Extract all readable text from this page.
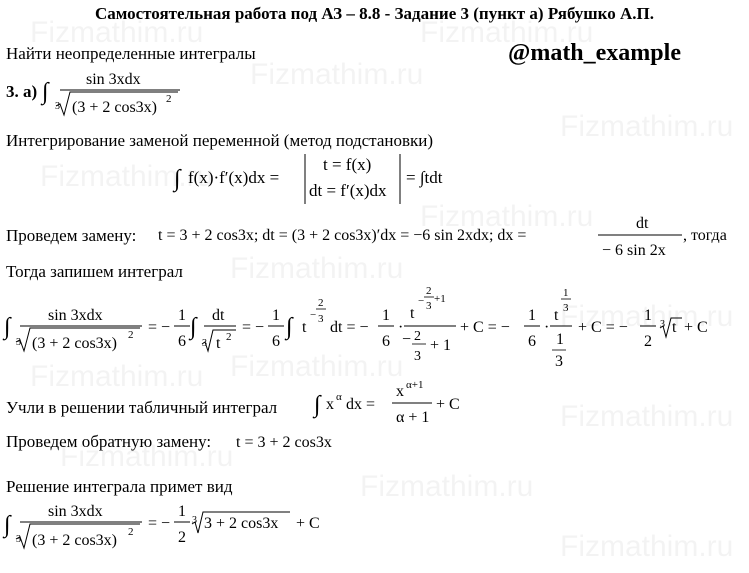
Самостоятельная работа под АЗ – 8.8 - Задание 3 (пункт а) Рябушко А.П.
Найти неопределенные интегралы	@math_example
3. а) ∫ sin 3xdx
3 (3 + 2 cos3x) 2
Интегрирование заменой переменной (метод подстановки)
∫ f(x)·f′(x)dx =
t = f(x)
dt = f′(x)dx
= ∫tdt
Проведем замену: t = 3 + 2 cos3x; dt = (3 + 2 cos3x)′dx = −6 sin 2xdx; dx =
dt
− 6 sin 2x
, тогда
Тогда запишем интеграл
∫ sin 3xdx
3 (3 + 2 cos3x) 2 = −
1
6
∫ dt
3 t 2
= −
1
6
∫ t
−
2
3 dt = −
1
6
·
t
−
2
3
+1
− 2
3
+ 1
+ C = −
1
6
·
t
1
3
1
3
+ C = −
1
2
3 t + C
Учли в решении табличный интеграл ∫ x α dx =
x α+1
α + 1
+ C
Проведем обратную замену: t = 3 + 2 cos3x
Решение интеграла примет вид
∫
sin 3xdx
3 (3 + 2 cos3x) 2 = −
1
2
3 3 + 2 cos3x + C
